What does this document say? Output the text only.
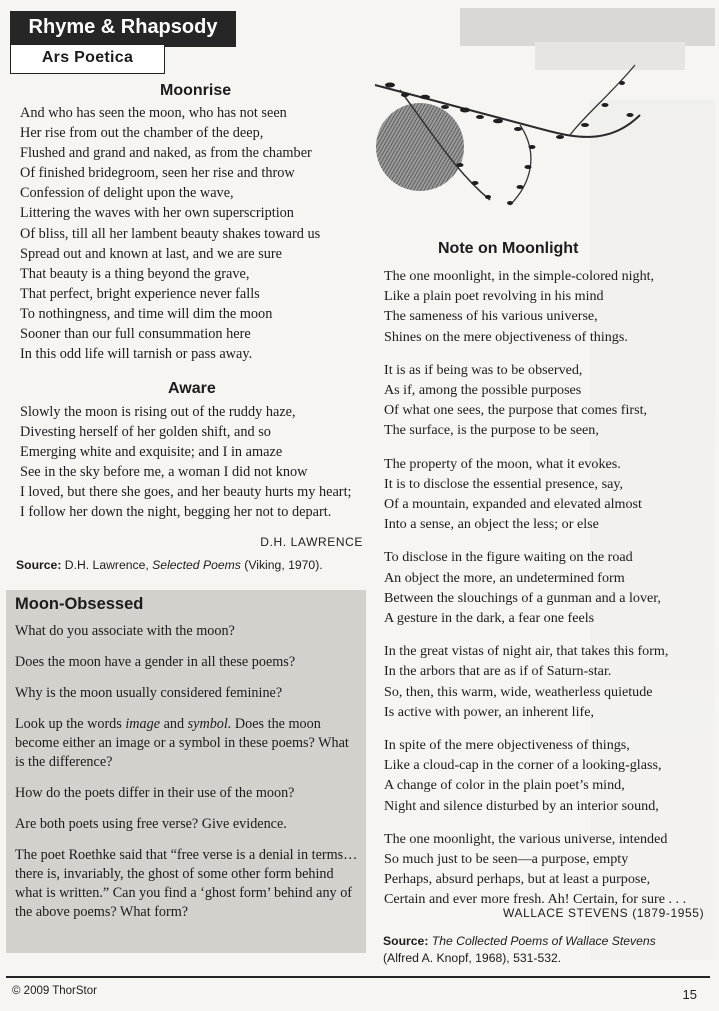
Rhyme & Rhapsody
Ars Poetica
Moonrise
And who has seen the moon, who has not seen
Her rise from out the chamber of the deep,
Flushed and grand and naked, as from the chamber
Of finished bridegroom, seen her rise and throw
Confession of delight upon the wave,
Littering the waves with her own superscription
Of bliss, till all her lambent beauty shakes toward us
Spread out and known at last, and we are sure
That beauty is a thing beyond the grave,
That perfect, bright experience never falls
To nothingness, and time will dim the moon
Sooner than our full consummation here
In this odd life will tarnish or pass away.
Aware
Slowly the moon is rising out of the ruddy haze,
Divesting herself of her golden shift, and so
Emerging white and exquisite; and I in amaze
See in the sky before me, a woman I did not know
I loved, but there she goes, and her beauty hurts my heart;
I follow her down the night, begging her not to depart.
D.H. LAWRENCE
Source: D.H. Lawrence, Selected Poems (Viking, 1970).
Moon-Obsessed
What do you associate with the moon?
Does the moon have a gender in all these poems?
Why is the moon usually considered feminine?
Look up the words image and symbol. Does the moon become either an image or a symbol in these poems? What is the difference?
How do the poets differ in their use of the moon?
Are both poets using free verse? Give evidence.
The poet Roethke said that “free verse is a denial in terms…there is, invariably, the ghost of some other form behind what is written.” Can you find a ‘ghost form’ behind any of the above poems? What form?
Note on Moonlight
The one moonlight, in the simple-colored night,
Like a plain poet revolving in his mind
The sameness of his various universe,
Shines on the mere objectiveness of things.
It is as if being was to be observed,
As if, among the possible purposes
Of what one sees, the purpose that comes first,
The surface, is the purpose to be seen,
The property of the moon, what it evokes.
It is to disclose the essential presence, say,
Of a mountain, expanded and elevated almost
Into a sense, an object the less; or else
To disclose in the figure waiting on the road
An object the more, an undetermined form
Between the slouchings of a gunman and a lover,
A gesture in the dark, a fear one feels
In the great vistas of night air, that takes this form,
In the arbors that are as if of Saturn-star.
So, then, this warm, wide, weatherless quietude
Is active with power, an inherent life,
In spite of the mere objectiveness of things,
Like a cloud-cap in the corner of a looking-glass,
A change of color in the plain poet’s mind,
Night and silence disturbed by an interior sound,
The one moonlight, the various universe, intended
So much just to be seen—a purpose, empty
Perhaps, absurd perhaps, but at least a purpose,
Certain and ever more fresh. Ah! Certain, for sure . . .
WALLACE STEVENS (1879-1955)
Source: The Collected Poems of Wallace Stevens
(Alfred A. Knopf, 1968), 531-532.
© 2009 ThorStor	15
